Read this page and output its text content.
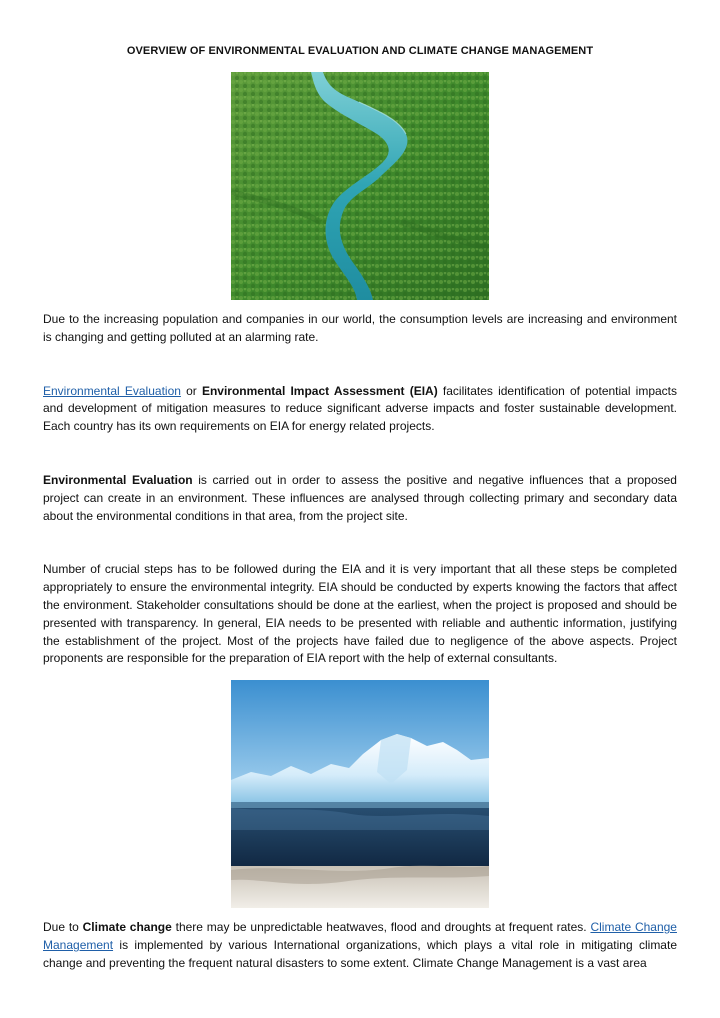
OVERVIEW OF ENVIRONMENTAL EVALUATION AND CLIMATE CHANGE MANAGEMENT

Due to the increasing population and companies in our world, the consumption levels are increasing and environment is changing and getting polluted at an alarming rate.

Environmental Evaluation or Environmental Impact Assessment (EIA) facilitates identification of potential impacts and development of mitigation measures to reduce significant adverse impacts and foster sustainable development. Each country has its own requirements on EIA for energy related projects.

Environmental Evaluation is carried out in order to assess the positive and negative influences that a proposed project can create in an environment. These influences are analysed through collecting primary and secondary data about the environmental conditions in that area, from the project site.

Number of crucial steps has to be followed during the EIA and it is very important that all these steps be completed appropriately to ensure the environmental integrity. EIA should be conducted by experts knowing the factors that affect the environment. Stakeholder consultations should be done at the earliest, when the project is proposed and should be presented with transparency. In general, EIA needs to be presented with reliable and authentic information, justifying the establishment of the project. Most of the projects have failed due to negligence of the above aspects. Project proponents are responsible for the preparation of EIA report with the help of external consultants.

Due to Climate change there may be unpredictable heatwaves, flood and droughts at frequent rates. Climate Change Management is implemented by various International organizations, which plays a vital role in mitigating climate change and preventing the frequent natural disasters to some extent. Climate Change Management is a vast area
